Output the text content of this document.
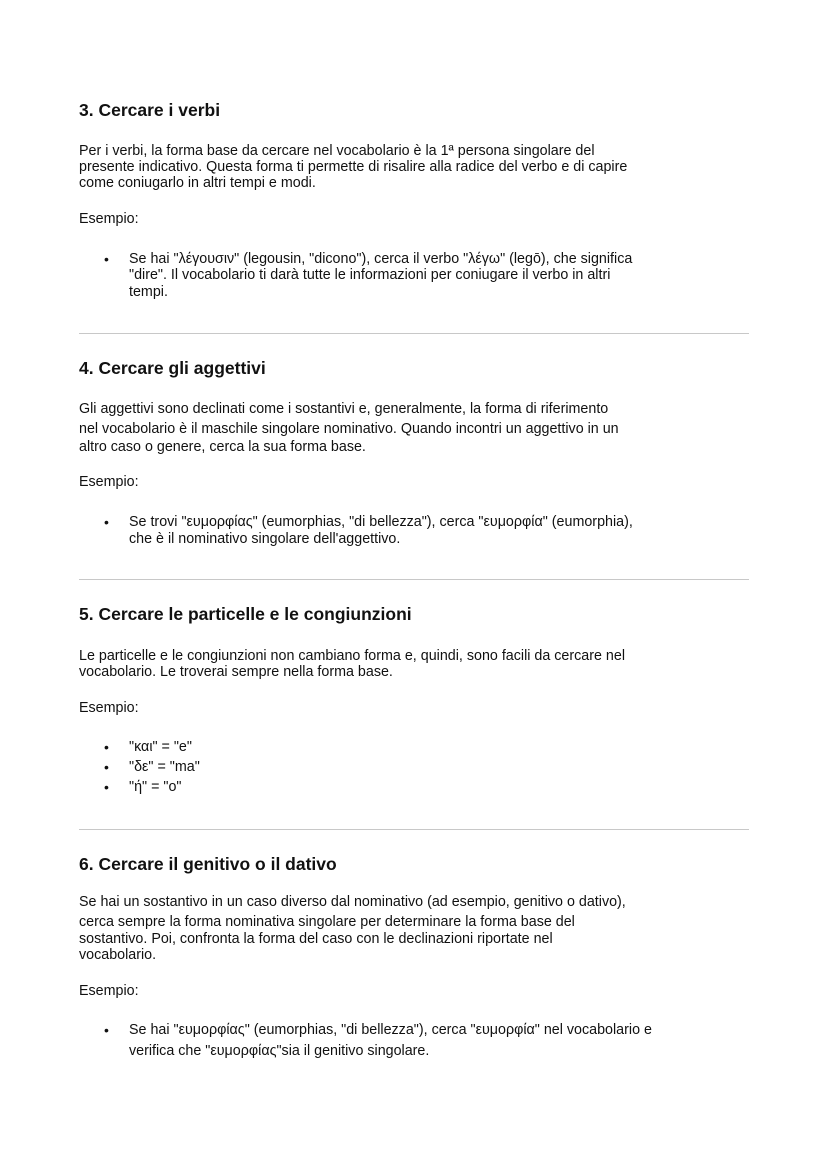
3. Cercare i verbi
Per i verbi, la forma base da cercare nel vocabolario è la 1ª persona singolare del
presente indicativo. Questa forma ti permette di risalire alla radice del verbo e di capire
come coniugarlo in altri tempi e modi.
Esempio:
• Se hai "λέγουσιν" (legousin, "dicono"), cerca il verbo "λέγω" (legō), che significa
"dire". Il vocabolario ti darà tutte le informazioni per coniugare il verbo in altri
tempi.
4. Cercare gli aggettivi
Gli aggettivi sono declinati come i sostantivi e, generalmente, la forma di riferimento
nel vocabolario è il maschile singolare nominativo. Quando incontri un aggettivo in un
altro caso o genere, cerca la sua forma base.
Esempio:
• Se trovi "ευμορφίας" (eumorphias, "di bellezza"), cerca "ευμορφία" (eumorphia),
che è il nominativo singolare dell'aggettivo.
5. Cercare le particelle e le congiunzioni
Le particelle e le congiunzioni non cambiano forma e, quindi, sono facili da cercare nel
vocabolario. Le troverai sempre nella forma base.
Esempio:
• "και" = "e"
• "δε" = "ma"
• "ή" = "o"
6. Cercare il genitivo o il dativo
Se hai un sostantivo in un caso diverso dal nominativo (ad esempio, genitivo o dativo),
cerca sempre la forma nominativa singolare per determinare la forma base del
sostantivo. Poi, confronta la forma del caso con le declinazioni riportate nel
vocabolario.
Esempio:
• Se hai "ευμορφίας" (eumorphias, "di bellezza"), cerca "ευμορφία" nel vocabolario e
verifica che "ευμορφίας"sia il genitivo singolare.
